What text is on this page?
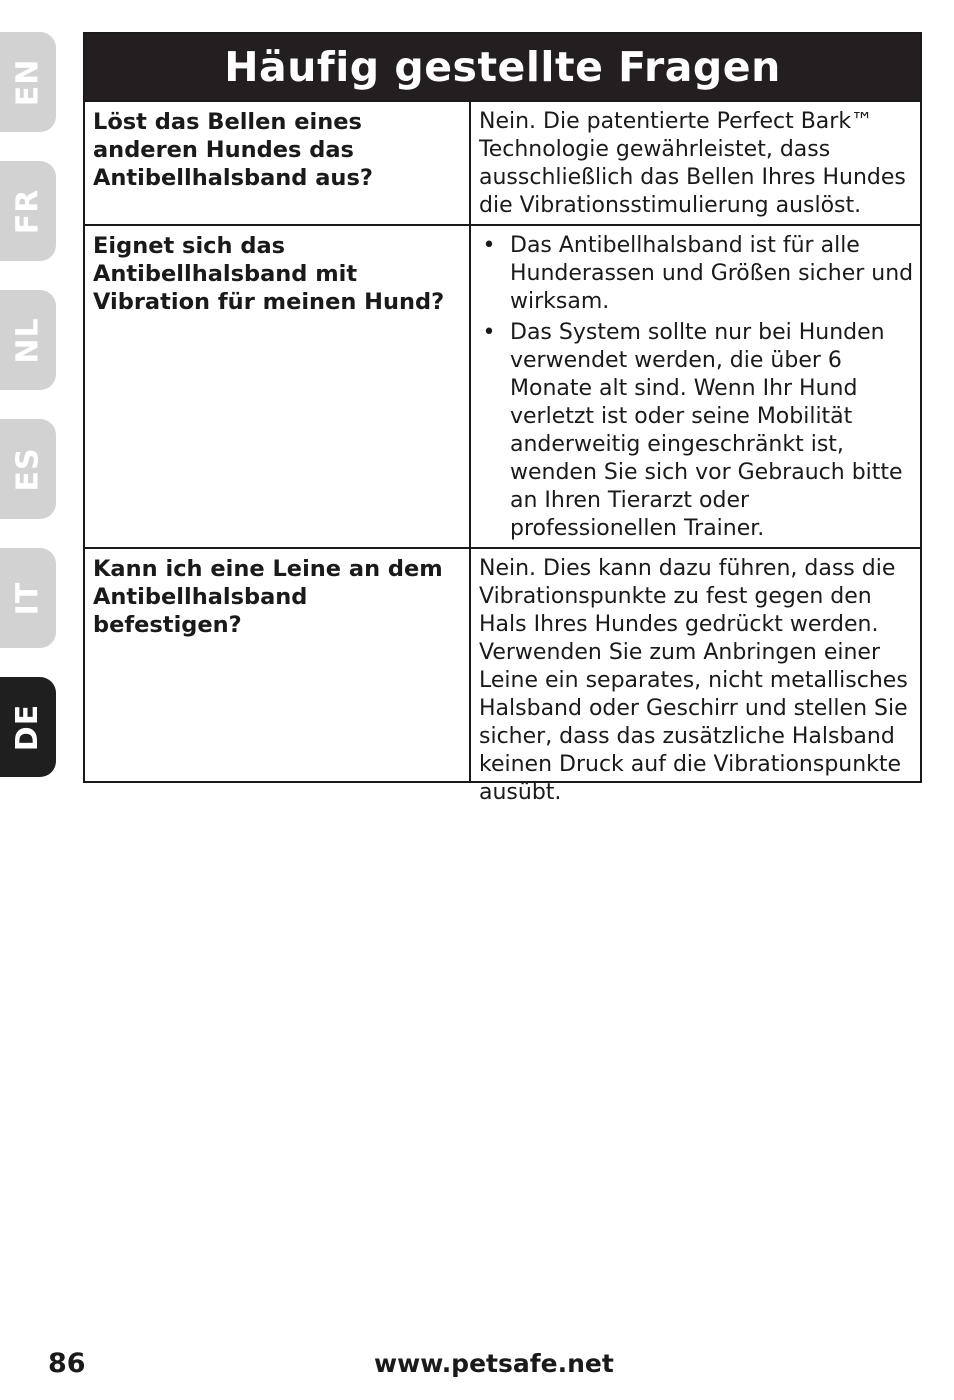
EN
FR
NL
ES
IT
DE
Häufig gestellte Fragen
Löst das Bellen eines anderen Hundes das Antibellhalsband aus?
Nein. Die patentierte Perfect Bark™ Technologie gewährleistet, dass ausschließlich das Bellen Ihres Hundes die Vibrationsstimulierung auslöst.
Eignet sich das Antibellhalsband mit Vibration für meinen Hund?
• Das Antibellhalsband ist für alle Hunderassen und Größen sicher und wirksam.
• Das System sollte nur bei Hunden verwendet werden, die über 6 Monate alt sind. Wenn Ihr Hund verletzt ist oder seine Mobilität anderweitig eingeschränkt ist, wenden Sie sich vor Gebrauch bitte an Ihren Tierarzt oder professionellen Trainer.
Kann ich eine Leine an dem Antibellhalsband befestigen?
Nein. Dies kann dazu führen, dass die Vibrationspunkte zu fest gegen den Hals Ihres Hundes gedrückt werden. Verwenden Sie zum Anbringen einer Leine ein separates, nicht metallisches Halsband oder Geschirr und stellen Sie sicher, dass das zusätzliche Halsband keinen Druck auf die Vibrationspunkte ausübt.
86	www.petsafe.net
